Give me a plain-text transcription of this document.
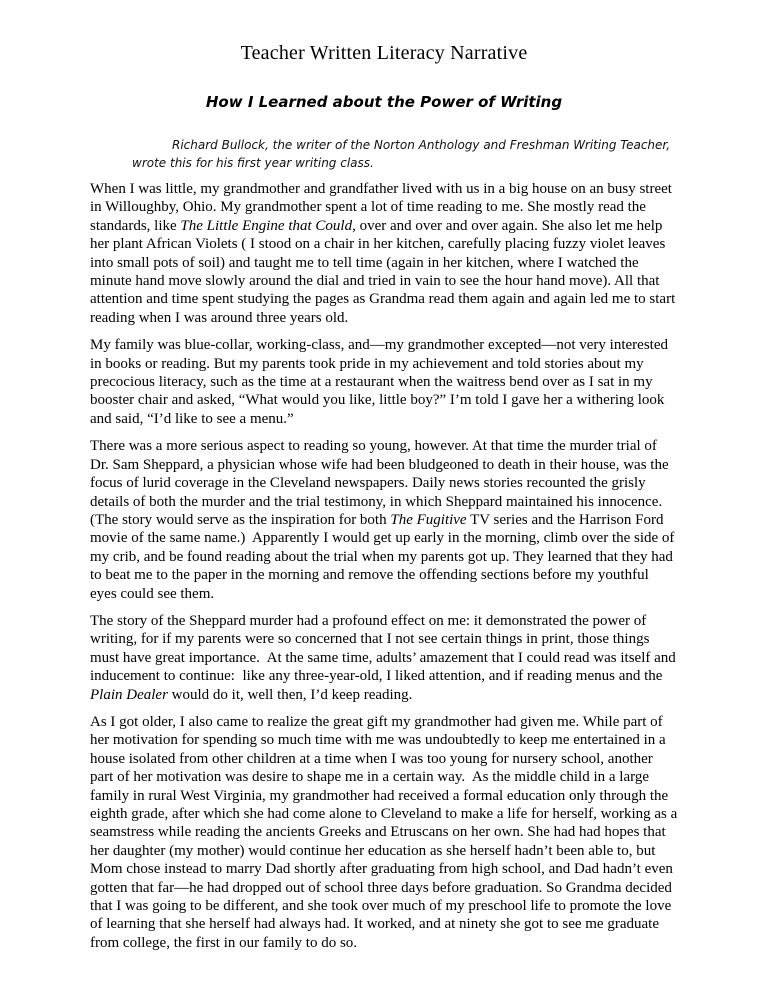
Teacher Written Literacy Narrative
How I Learned about the Power of Writing

Richard Bullock, the writer of the Norton Anthology and Freshman Writing Teacher, wrote this for his first year writing class.

When I was little, my grandmother and grandfather lived with us in a big house on an busy street in Willoughby, Ohio. My grandmother spent a lot of time reading to me. She mostly read the standards, like The Little Engine that Could, over and over and over again. She also let me help her plant African Violets ( I stood on a chair in her kitchen, carefully placing fuzzy violet leaves into small pots of soil) and taught me to tell time (again in her kitchen, where I watched the minute hand move slowly around the dial and tried in vain to see the hour hand move). All that attention and time spent studying the pages as Grandma read them again and again led me to start reading when I was around three years old.

My family was blue-collar, working-class, and—my grandmother excepted—not very interested in books or reading. But my parents took pride in my achievement and told stories about my precocious literacy, such as the time at a restaurant when the waitress bend over as I sat in my booster chair and asked, “What would you like, little boy?” I’m told I gave her a withering look and said, “I’d like to see a menu.”

There was a more serious aspect to reading so young, however. At that time the murder trial of Dr. Sam Sheppard, a physician whose wife had been bludgeoned to death in their house, was the focus of lurid coverage in the Cleveland newspapers. Daily news stories recounted the grisly details of both the murder and the trial testimony, in which Sheppard maintained his innocence. (The story would serve as the inspiration for both The Fugitive TV series and the Harrison Ford movie of the same name.)  Apparently I would get up early in the morning, climb over the side of my crib, and be found reading about the trial when my parents got up. They learned that they had to beat me to the paper in the morning and remove the offending sections before my youthful eyes could see them.

The story of the Sheppard murder had a profound effect on me: it demonstrated the power of writing, for if my parents were so concerned that I not see certain things in print, those things must have great importance.  At the same time, adults’ amazement that I could read was itself and inducement to continue:  like any three-year-old, I liked attention, and if reading menus and the Plain Dealer would do it, well then, I’d keep reading.

As I got older, I also came to realize the great gift my grandmother had given me. While part of her motivation for spending so much time with me was undoubtedly to keep me entertained in a house isolated from other children at a time when I was too young for nursery school, another part of her motivation was desire to shape me in a certain way.  As the middle child in a large family in rural West Virginia, my grandmother had received a formal education only through the eighth grade, after which she had come alone to Cleveland to make a life for herself, working as a seamstress while reading the ancients Greeks and Etruscans on her own. She had had hopes that her daughter (my mother) would continue her education as she herself hadn’t been able to, but Mom chose instead to marry Dad shortly after graduating from high school, and Dad hadn’t even gotten that far—he had dropped out of school three days before graduation. So Grandma decided that I was going to be different, and she took over much of my preschool life to promote the love of learning that she herself had always had. It worked, and at ninety she got to see me graduate from college, the first in our family to do so.
